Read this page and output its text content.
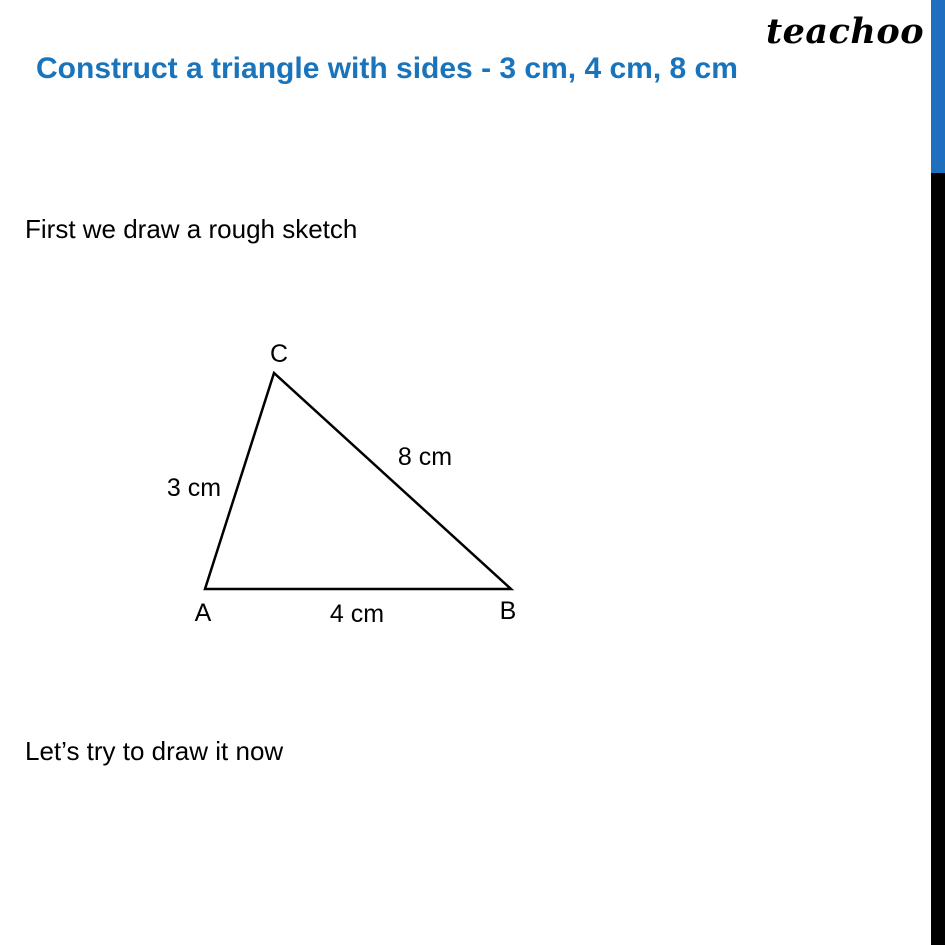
teachoo
Construct a triangle with sides - 3 cm, 4 cm, 8 cm
First we draw a rough sketch
C
A	B
3 cm
4 cm
8 cm
Let’s try to draw it now
